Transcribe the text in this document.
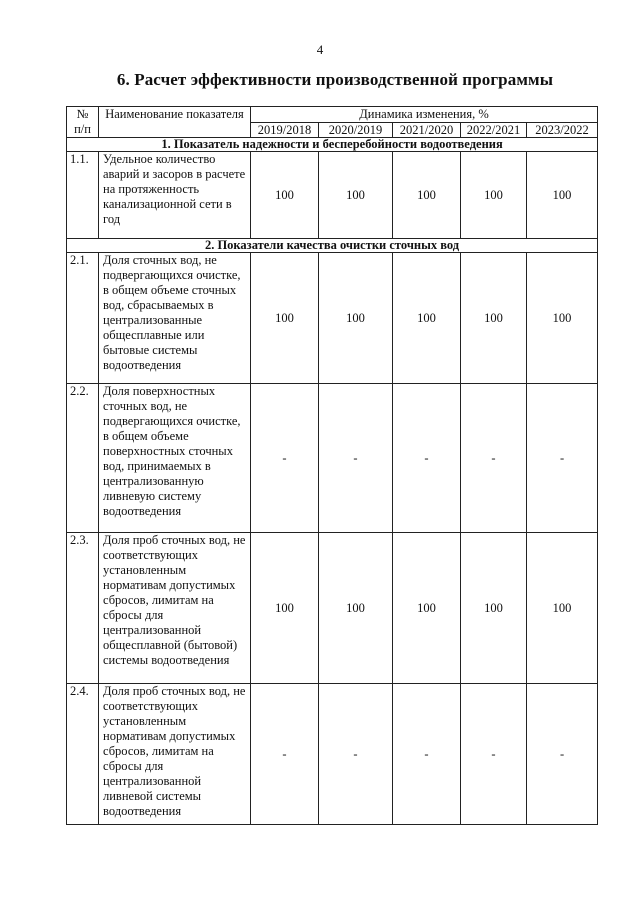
4
6. Расчет эффективности производственной программы
№ п/п	Наименование показателя	Динамика изменения, %				
		2019/2018	2020/2019	2021/2020	2022/2021	2023/2022
1. Показатель надежности и бесперебойности водоотведения						
1.1.	Удельное количество аварий и засоров в расчете на протяженность канализационной сети в год	100	100	100	100	100
2. Показатели качества очистки сточных вод						
2.1.	Доля сточных вод, не подвергающихся очистке, в общем объеме сточных вод, сбрасываемых в централизованные общесплавные или бытовые системы водоотведения	100	100	100	100	100
2.2.	Доля поверхностных сточных вод, не подвергающихся очистке, в общем объеме поверхностных сточных вод, принимаемых в централизованную ливневую систему водоотведения	-	-	-	-	-
2.3.	Доля проб сточных вод, не соответствующих установленным нормативам допустимых сбросов, лимитам на сбросы для централизованной общесплавной (бытовой) системы водоотведения	100	100	100	100	100
2.4.	Доля проб сточных вод, не соответствующих установленным нормативам допустимых сбросов, лимитам на сбросы для централизованной ливневой системы водоотведения	-	-	-	-	-
